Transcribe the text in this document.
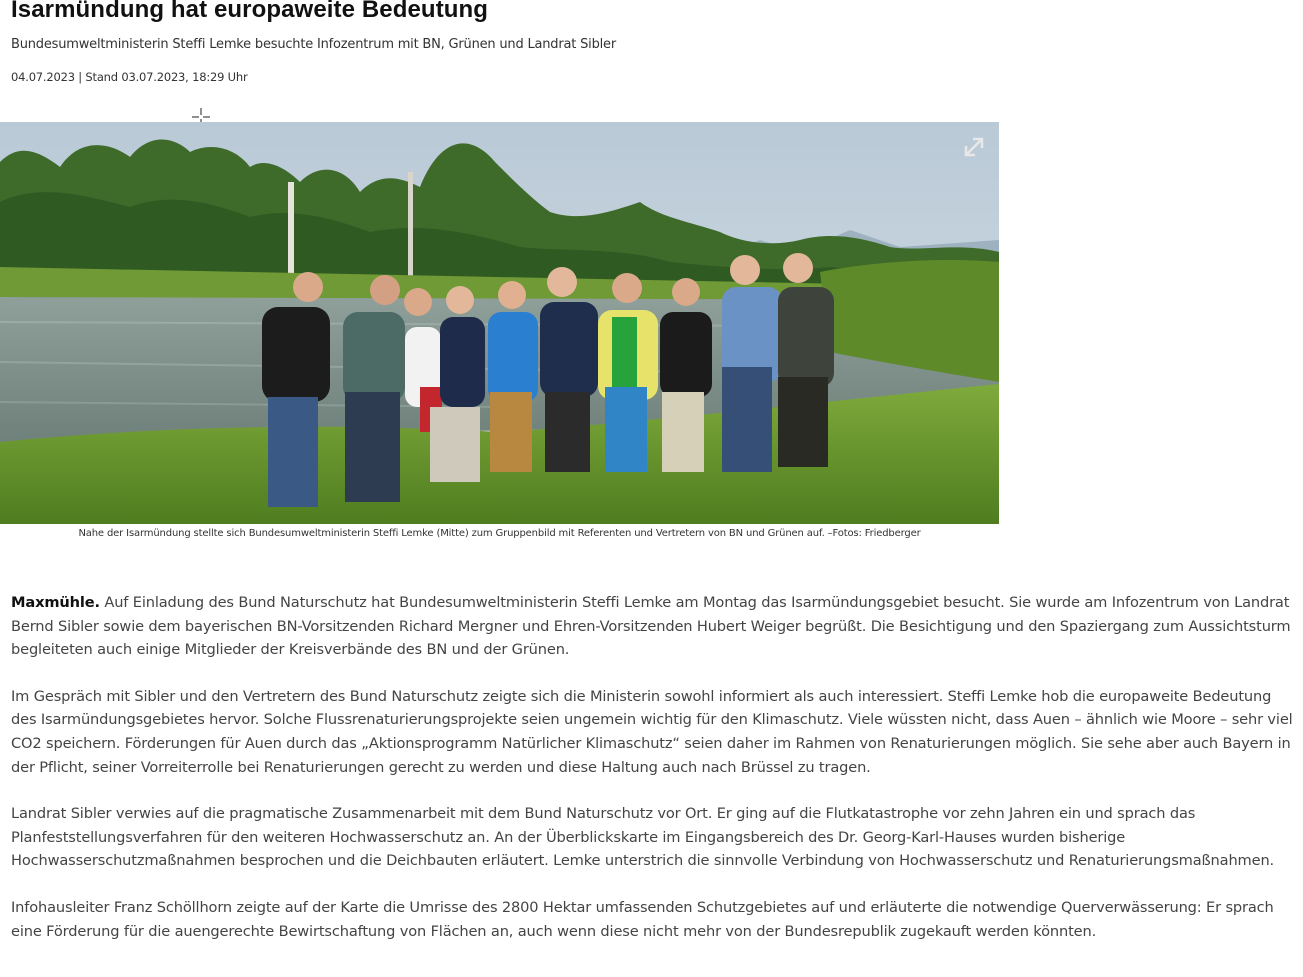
Isarmündung hat europaweite Bedeutung

Bundesumweltministerin Steffi Lemke besuchte Infozentrum mit BN, Grünen und Landrat Sibler

04.07.2023 | Stand 03.07.2023, 18:29 Uhr

Nahe der Isarmündung stellte sich Bundesumweltministerin Steffi Lemke (Mitte) zum Gruppenbild mit Referenten und Vertretern von BN und Grünen auf. –Fotos: Friedberger

Maxmühle. Auf Einladung des Bund Naturschutz hat Bundesumweltministerin Steffi Lemke am Montag das Isarmündungsgebiet besucht. Sie wurde am Infozentrum von Landrat Bernd Sibler sowie dem bayerischen BN-Vorsitzenden Richard Mergner und Ehren-Vorsitzenden Hubert Weiger begrüßt. Die Besichtigung und den Spaziergang zum Aussichtsturm begleiteten auch einige Mitglieder der Kreisverbände des BN und der Grünen.

Im Gespräch mit Sibler und den Vertretern des Bund Naturschutz zeigte sich die Ministerin sowohl informiert als auch interessiert. Steffi Lemke hob die europaweite Bedeutung des Isarmündungsgebietes hervor. Solche Flussrenaturierungsprojekte seien ungemein wichtig für den Klimaschutz. Viele wüssten nicht, dass Auen – ähnlich wie Moore – sehr viel CO2 speichern. Förderungen für Auen durch das „Aktionsprogramm Natürlicher Klimaschutz“ seien daher im Rahmen von Renaturierungen möglich. Sie sehe aber auch Bayern in der Pflicht, seiner Vorreiterrolle bei Renaturierungen gerecht zu werden und diese Haltung auch nach Brüssel zu tragen.

Landrat Sibler verwies auf die pragmatische Zusammenarbeit mit dem Bund Naturschutz vor Ort. Er ging auf die Flutkatastrophe vor zehn Jahren ein und sprach das Planfeststellungsverfahren für den weiteren Hochwasserschutz an. An der Überblickskarte im Eingangsbereich des Dr. Georg-Karl-Hauses wurden bisherige Hochwasserschutzmaßnahmen besprochen und die Deichbauten erläutert. Lemke unterstrich die sinnvolle Verbindung von Hochwasserschutz und Renaturierungsmaßnahmen.

Infohausleiter Franz Schöllhorn zeigte auf der Karte die Umrisse des 2800 Hektar umfassenden Schutzgebietes auf und erläuterte die notwendige Querverwässerung: Er sprach eine Förderung für die auengerechte Bewirtschaftung von Flächen an, auch wenn diese nicht mehr von der Bundesrepublik zugekauft werden könnten.
